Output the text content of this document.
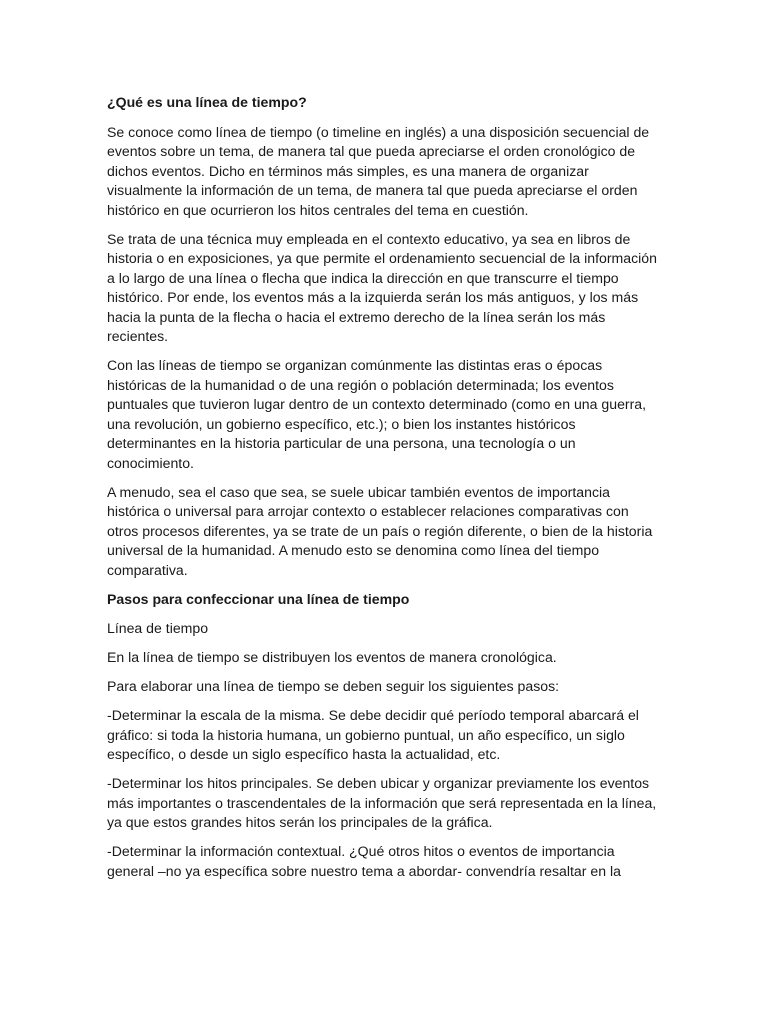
¿Qué es una línea de tiempo?

Se conoce como línea de tiempo (o timeline en inglés) a una disposición secuencial de eventos sobre un tema, de manera tal que pueda apreciarse el orden cronológico de dichos eventos. Dicho en términos más simples, es una manera de organizar visualmente la información de un tema, de manera tal que pueda apreciarse el orden histórico en que ocurrieron los hitos centrales del tema en cuestión.

Se trata de una técnica muy empleada en el contexto educativo, ya sea en libros de historia o en exposiciones, ya que permite el ordenamiento secuencial de la información a lo largo de una línea o flecha que indica la dirección en que transcurre el tiempo histórico. Por ende, los eventos más a la izquierda serán los más antiguos, y los más hacia la punta de la flecha o hacia el extremo derecho de la línea serán los más recientes.

Con las líneas de tiempo se organizan comúnmente las distintas eras o épocas históricas de la humanidad o de una región o población determinada; los eventos puntuales que tuvieron lugar dentro de un contexto determinado (como en una guerra, una revolución, un gobierno específico, etc.); o bien los instantes históricos determinantes en la historia particular de una persona, una tecnología o un conocimiento.

A menudo, sea el caso que sea, se suele ubicar también eventos de importancia histórica o universal para arrojar contexto o establecer relaciones comparativas con otros procesos diferentes, ya se trate de un país o región diferente, o bien de la historia universal de la humanidad. A menudo esto se denomina como línea del tiempo comparativa.

Pasos para confeccionar una línea de tiempo

Línea de tiempo

En la línea de tiempo se distribuyen los eventos de manera cronológica.

Para elaborar una línea de tiempo se deben seguir los siguientes pasos:

-Determinar la escala de la misma. Se debe decidir qué período temporal abarcará el gráfico: si toda la historia humana, un gobierno puntual, un año específico, un siglo específico, o desde un siglo específico hasta la actualidad, etc.

-Determinar los hitos principales. Se deben ubicar y organizar previamente los eventos más importantes o trascendentales de la información que será representada en la línea, ya que estos grandes hitos serán los principales de la gráfica.

-Determinar la información contextual. ¿Qué otros hitos o eventos de importancia general –no ya específica sobre nuestro tema a abordar- convendría resaltar en la
